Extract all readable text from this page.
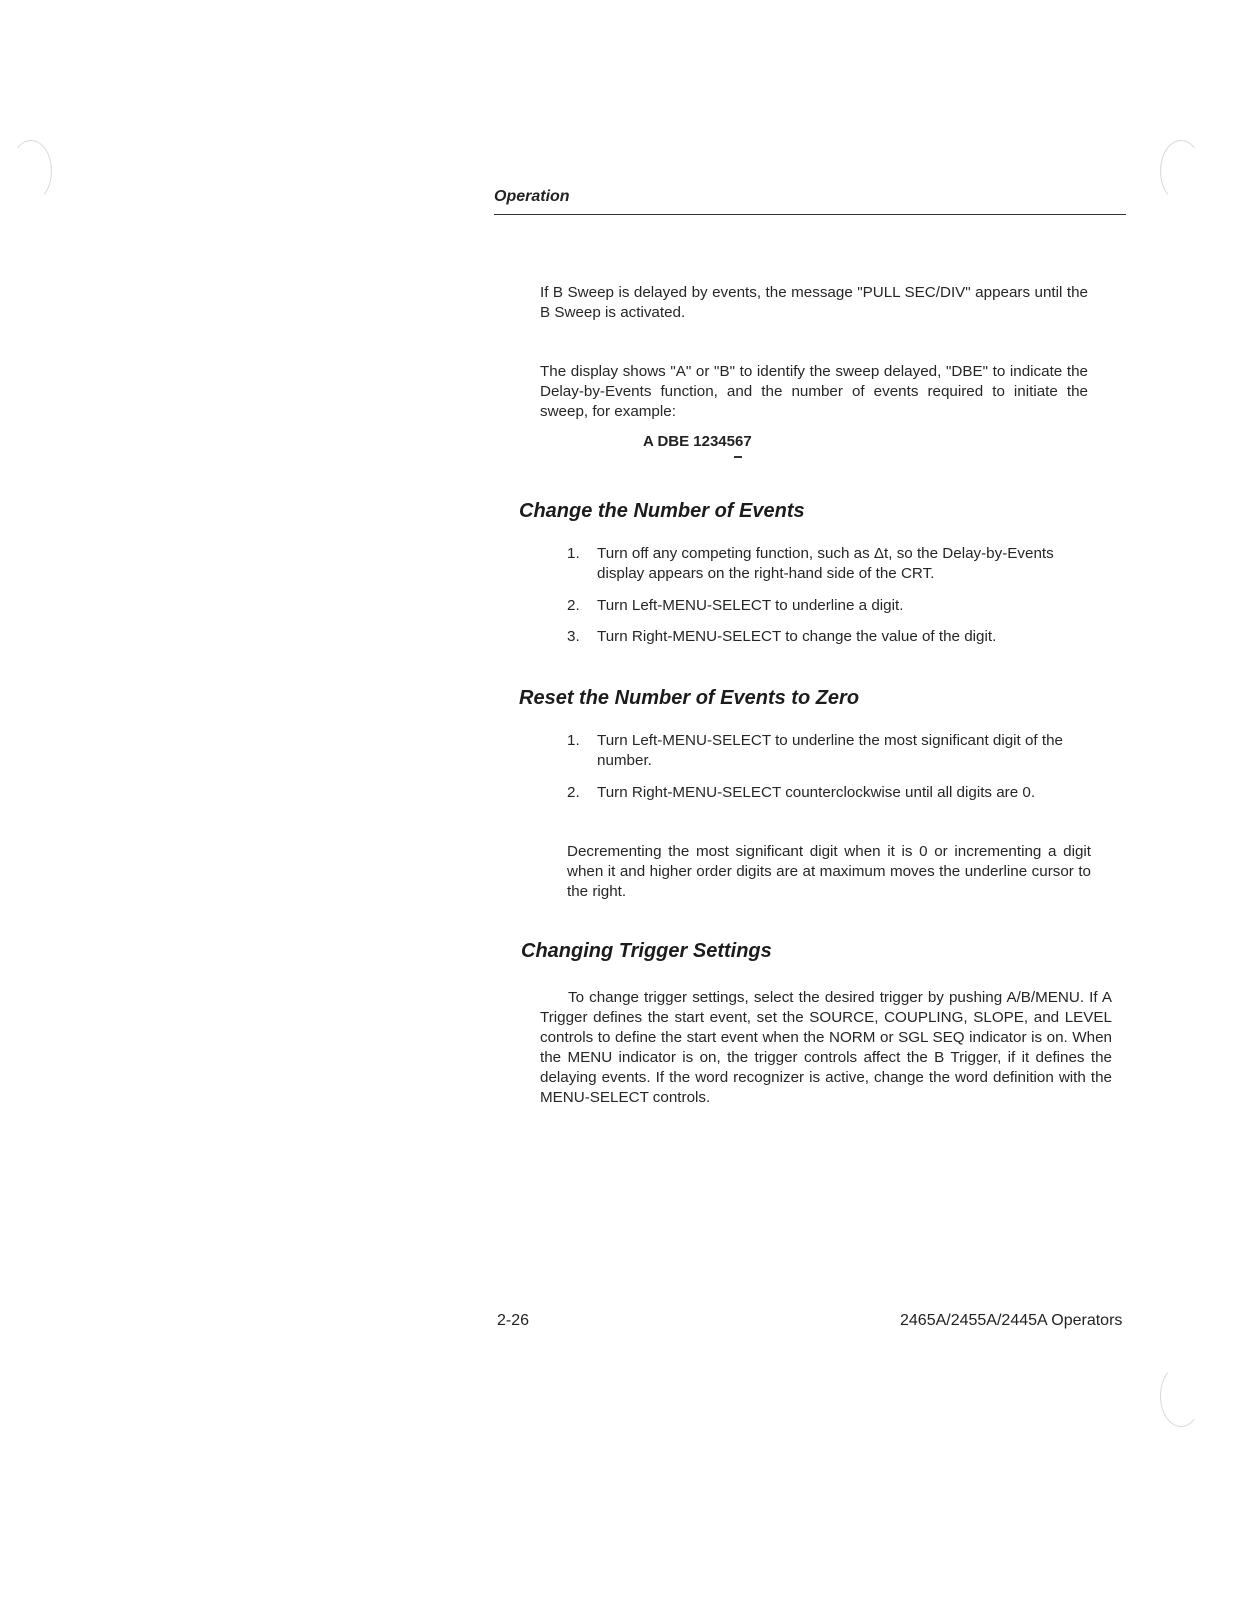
Operation
If B Sweep is delayed by events, the message "PULL SEC/DIV" appears until the B Sweep is activated.
The display shows "A" or "B" to identify the sweep delayed, "DBE" to indicate the Delay-by-Events function, and the number of events required to initiate the sweep, for example:
A DBE 1234567
Change the Number of Events
1. Turn off any competing function, such as Δt, so the Delay-by-Events display appears on the right-hand side of the CRT.
2. Turn Left-MENU-SELECT to underline a digit.
3. Turn Right-MENU-SELECT to change the value of the digit.
Reset the Number of Events to Zero
1. Turn Left-MENU-SELECT to underline the most significant digit of the number.
2. Turn Right-MENU-SELECT counterclockwise until all digits are 0.
Decrementing the most significant digit when it is 0 or incrementing a digit when it and higher order digits are at maximum moves the underline cursor to the right.
Changing Trigger Settings
To change trigger settings, select the desired trigger by pushing A/B/MENU. If A Trigger defines the start event, set the SOURCE, COUPLING, SLOPE, and LEVEL controls to define the start event when the NORM or SGL SEQ indicator is on. When the MENU indicator is on, the trigger controls affect the B Trigger, if it defines the delaying events. If the word recognizer is active, change the word definition with the MENU-SELECT controls.
2-26	2465A/2455A/2445A Operators
